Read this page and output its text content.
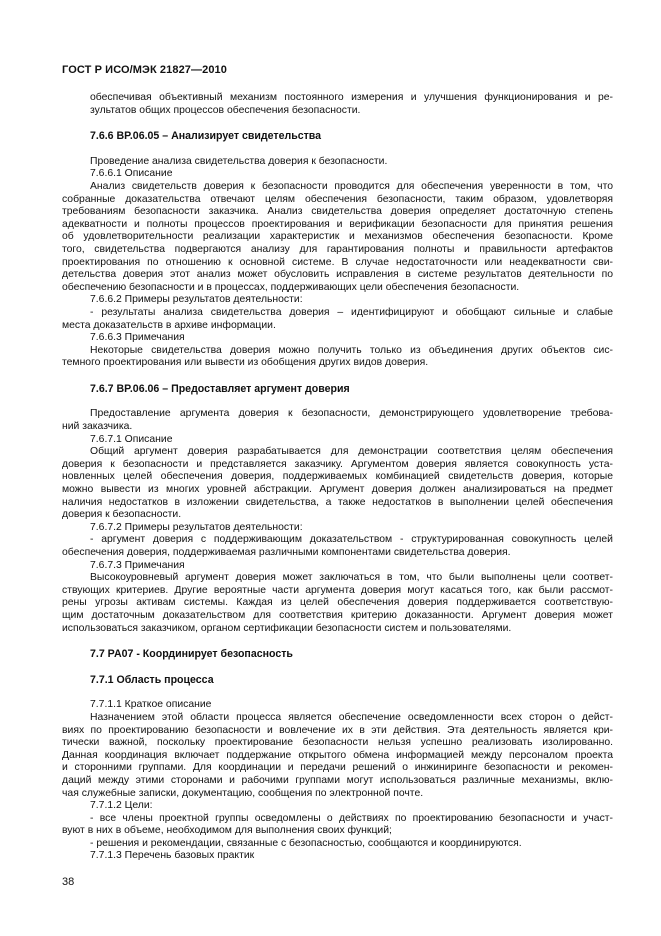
ГОСТ Р ИСО/МЭК 21827—2010
обеспечивая объективный механизм постоянного измерения и улучшения функционирования и ре-
зультатов общих процессов обеспечения безопасности.
7.6.6 BP.06.05 – Анализирует свидетельства
Проведение анализа свидетельства доверия к безопасности.
7.6.6.1 Описание
Анализ свидетельств доверия к безопасности проводится для обеспечения уверенности в том, что
собранные доказательства отвечают целям обеспечения безопасности, таким образом, удовлетворяя
требованиям безопасности заказчика. Анализ свидетельства доверия определяет достаточную степень
адекватности и полноты процессов проектирования и верификации безопасности для принятия решения
об удовлетворительности реализации характеристик и механизмов обеспечения безопасности. Кроме
того, свидетельства подвергаются анализу для гарантирования полноты и правильности артефактов
проектирования по отношению к основной системе. В случае недостаточности или неадекватности сви-
детельства доверия этот анализ может обусловить исправления в системе результатов деятельности по
обеспечению безопасности и в процессах, поддерживающих цели обеспечения безопасности.
7.6.6.2 Примеры результатов деятельности:
- результаты анализа свидетельства доверия – идентифицируют и обобщают сильные и слабые
места доказательств в архиве информации.
7.6.6.3 Примечания
Некоторые свидетельства доверия можно получить только из объединения других объектов сис-
темного проектирования или вывести из обобщения других видов доверия.
7.6.7 BP.06.06 – Предоставляет аргумент доверия
Предоставление аргумента доверия к безопасности, демонстрирующего удовлетворение требова-
ний заказчика.
7.6.7.1 Описание
Общий аргумент доверия разрабатывается для демонстрации соответствия целям обеспечения
доверия к безопасности и представляется заказчику. Аргументом доверия является совокупность уста-
новленных целей обеспечения доверия, поддерживаемых комбинацией свидетельств доверия, которые
можно вывести из многих уровней абстракции. Аргумент доверия должен анализироваться на предмет
наличия недостатков в изложении свидетельства, а также недостатков в выполнении целей обеспечения
доверия к безопасности.
7.6.7.2 Примеры результатов деятельности:
- аргумент доверия с поддерживающим доказательством - структурированная совокупность целей
обеспечения доверия, поддерживаемая различными компонентами свидетельства доверия.
7.6.7.3 Примечания
Высокоуровневый аргумент доверия может заключаться в том, что были выполнены цели соответ-
ствующих критериев. Другие вероятные части аргумента доверия могут касаться того, как были рассмот-
рены угрозы активам системы. Каждая из целей обеспечения доверия поддерживается соответствую-
щим достаточным доказательством для соответствия критерию доказанности. Аргумент доверия может
использоваться заказчиком, органом сертификации безопасности систем и пользователями.
7.7 PA07 - Координирует безопасность
7.7.1 Область процесса
7.7.1.1 Краткое описание
Назначением этой области процесса является обеспечение осведомленности всех сторон о дейст-
виях по проектированию безопасности и вовлечение их в эти действия. Эта деятельность является кри-
тически важной, поскольку проектирование безопасности нельзя успешно реализовать изолированно.
Данная координация включает поддержание открытого обмена информацией между персоналом проекта
и сторонними группами. Для координации и передачи решений о инжиниринге безопасности и рекомен-
даций между этими сторонами и рабочими группами могут использоваться различные механизмы, вклю-
чая служебные записки, документацию, сообщения по электронной почте.
7.7.1.2 Цели:
- все члены проектной группы осведомлены о действиях по проектированию безопасности и участ-
вуют в них в объеме, необходимом для выполнения своих функций;
- решения и рекомендации, связанные с безопасностью, сообщаются и координируются.
7.7.1.3 Перечень базовых практик
38
